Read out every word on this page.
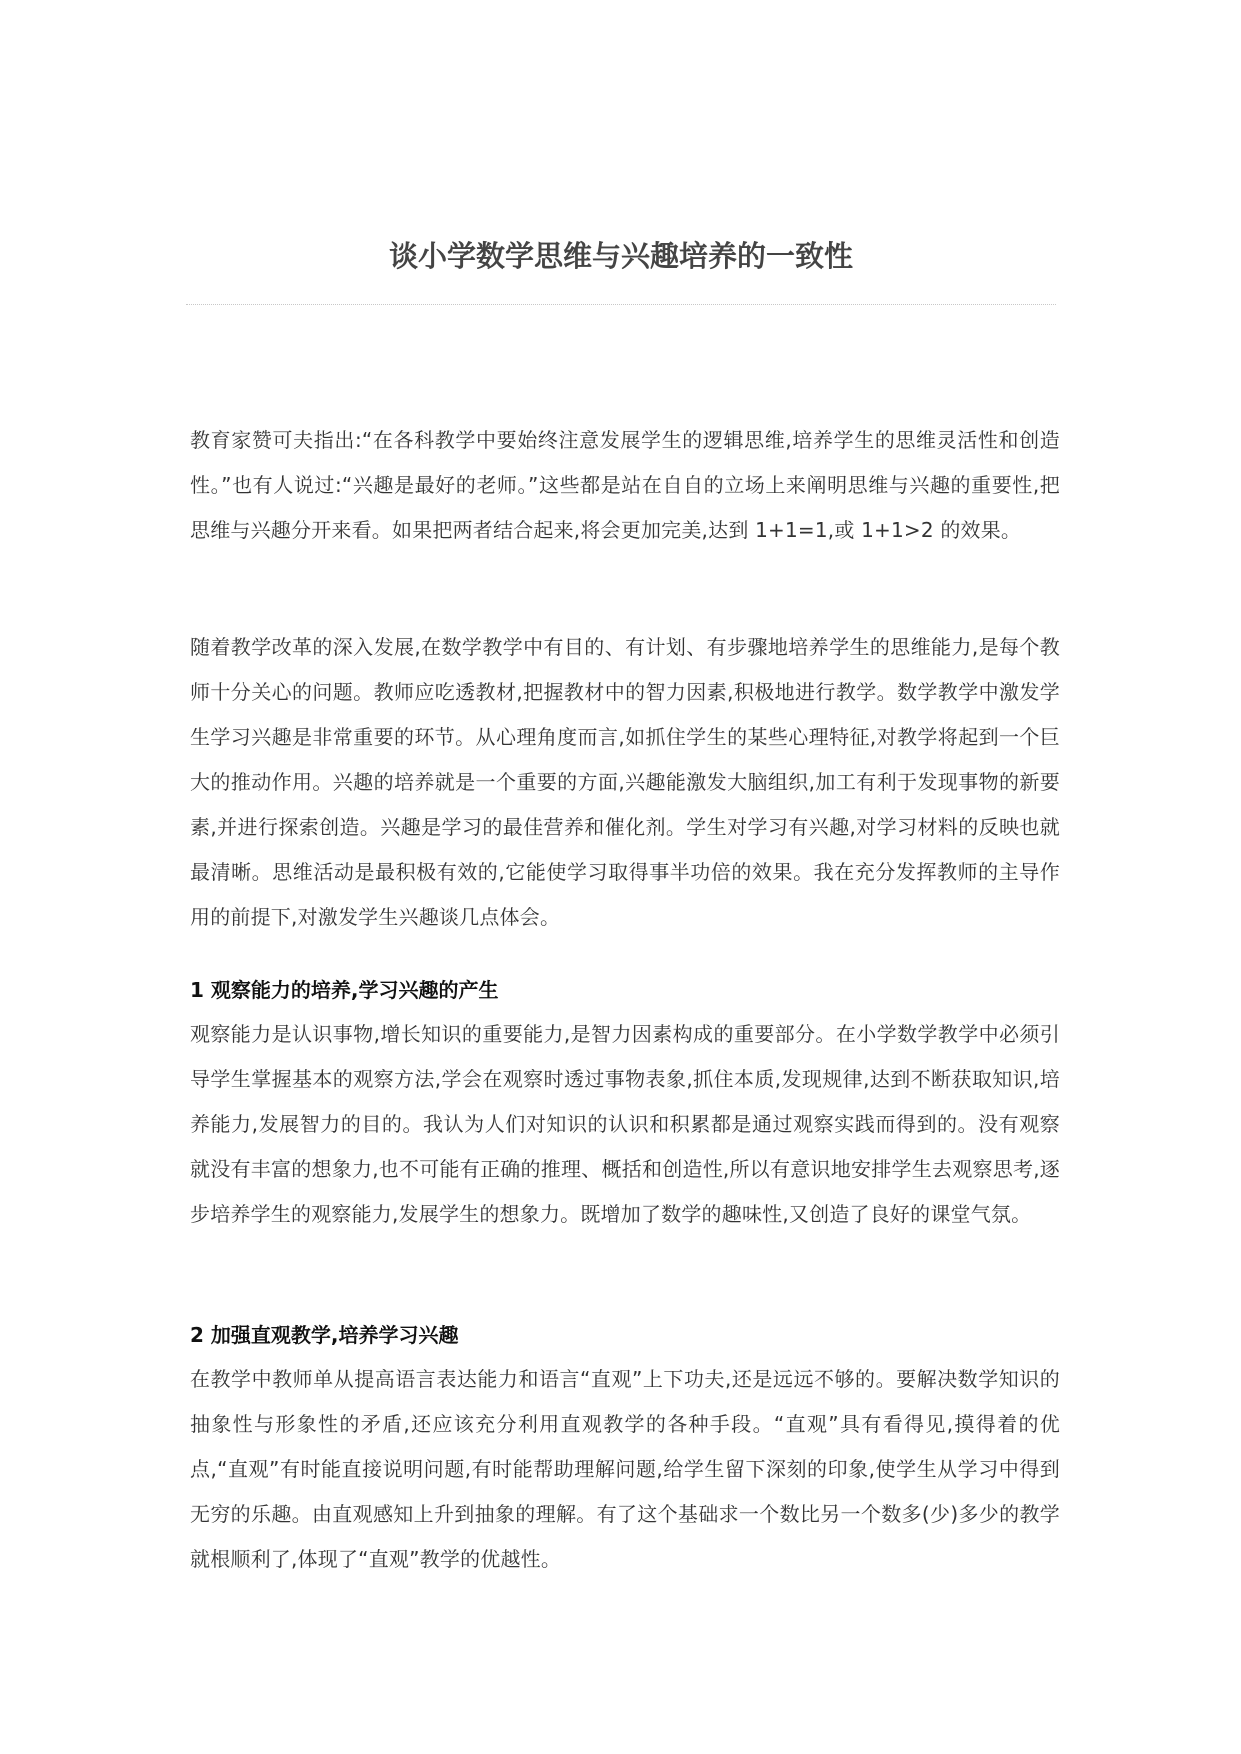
谈小学数学思维与兴趣培养的一致性

教育家赞可夫指出:“在各科教学中要始终注意发展学生的逻辑思维,培养学生的思维灵活性和创造性。”也有人说过:“兴趣是最好的老师。”这些都是站在自自的立场上来阐明思维与兴趣的重要性,把思维与兴趣分开来看。如果把两者结合起来,将会更加完美,达到 1+1=1,或 1+1>2 的效果。

随着教学改革的深入发展,在数学教学中有目的、有计划、有步骤地培养学生的思维能力,是每个教师十分关心的问题。教师应吃透教材,把握教材中的智力因素,积极地进行教学。数学教学中激发学生学习兴趣是非常重要的环节。从心理角度而言,如抓住学生的某些心理特征,对教学将起到一个巨大的推动作用。兴趣的培养就是一个重要的方面,兴趣能激发大脑组织,加工有利于发现事物的新要素,并进行探索创造。兴趣是学习的最佳营养和催化剂。学生对学习有兴趣,对学习材料的反映也就最清晰。思维活动是最积极有效的,它能使学习取得事半功倍的效果。我在充分发挥教师的主导作用的前提下,对激发学生兴趣谈几点体会。

1 观察能力的培养,学习兴趣的产生

观察能力是认识事物,增长知识的重要能力,是智力因素构成的重要部分。在小学数学教学中必须引导学生掌握基本的观察方法,学会在观察时透过事物表象,抓住本质,发现规律,达到不断获取知识,培养能力,发展智力的目的。我认为人们对知识的认识和积累都是通过观察实践而得到的。没有观察就没有丰富的想象力,也不可能有正确的推理、概括和创造性,所以有意识地安排学生去观察思考,逐步培养学生的观察能力,发展学生的想象力。既增加了数学的趣味性,又创造了良好的课堂气氛。

2 加强直观教学,培养学习兴趣

在教学中教师单从提高语言表达能力和语言“直观”上下功夫,还是远远不够的。要解决数学知识的抽象性与形象性的矛盾,还应该充分利用直观教学的各种手段。“直观”具有看得见,摸得着的优点,“直观”有时能直接说明问题,有时能帮助理解问题,给学生留下深刻的印象,使学生从学习中得到无穷的乐趣。由直观感知上升到抽象的理解。有了这个基础求一个数比另一个数多(少)多少的教学就根顺利了,体现了“直观”教学的优越性。
